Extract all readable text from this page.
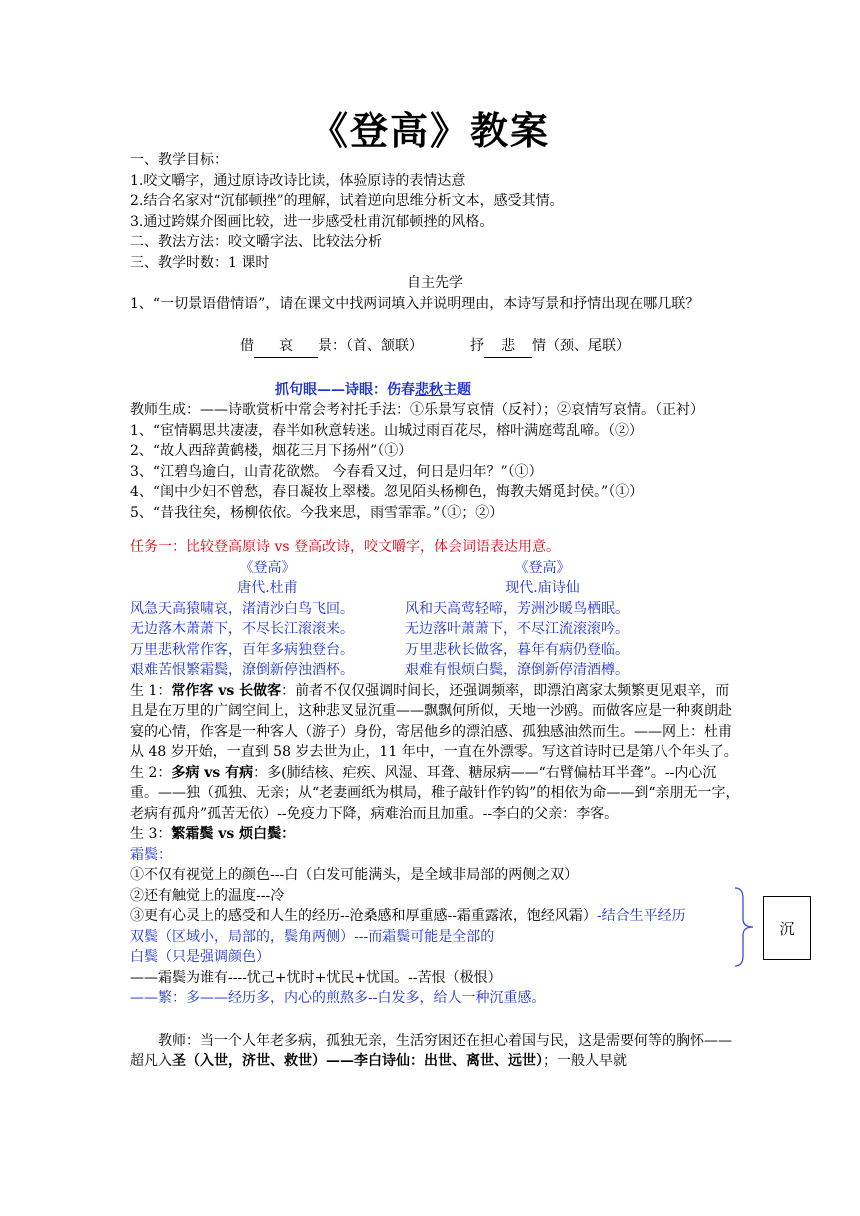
《登高》教案

一、教学目标：

1.咬文嚼字，通过原诗改诗比读，体验原诗的表情达意

2.结合名家对“沉郁顿挫”的理解，试着逆向思维分析文本，感受其情。

3.通过跨媒介图画比较，进一步感受杜甫沉郁顿挫的风格。

二、教法方法：咬文嚼字法、比较法分析

三、教学时数：1 课时

自主先学

1、“一切景语借情语”，请在课文中找两词填入并说明理由，本诗写景和抒情出现在哪几联？

借 哀 景：（首、颔联）	抒 悲 情（颈、尾联）

抓句眼——诗眼：伤春悲秋主题

教师生成：——诗歌赏析中常会考衬托手法：①乐景写哀情（反衬）；②哀情写哀情。（正衬）

1、“宦情羁思共凄凄，春半如秋意转迷。山城过雨百花尽，榕叶满庭莺乱啼。（②）

2、“故人西辞黄鹤楼，烟花三月下扬州”（①）

3、“江碧鸟逾白，山青花欲燃。 今春看又过，何日是归年？”（①）

4、“闺中少妇不曾愁，春日凝妆上翠楼。忽见陌头杨柳色，悔教夫婿觅封侯。”（①）

5、“昔我往矣，杨柳依依。今我来思，雨雪霏霏。”（①；②）

任务一：比较登高原诗 vs 登高改诗，咬文嚼字，体会词语表达用意。

《登高》

唐代.杜甫

风急天高猿啸哀，渚清沙白鸟飞回。

无边落木萧萧下，不尽长江滚滚来。

万里悲秋常作客，百年多病独登台。

艰难苦恨繁霜鬓，潦倒新停浊酒杯。

《登高》

现代.庙诗仙

风和天高莺轻啼，芳洲沙暖鸟栖眠。

无边落叶萧萧下，不尽江流滚滚吟。

万里悲秋长做客，暮年有病仍登临。

艰难有恨烦白鬓，潦倒新停清酒樽。

生 1：常作客 vs 长做客：前者不仅仅强调时间长，还强调频率，即漂泊离家太频繁更见艰辛，而且是在万里的广阔空间上，这种悲叉显沉重——飘飘何所似，天地一沙鸥。而做客应是一种爽朗赴宴的心情，作客是一种客人（游子）身份，寄居他乡的漂泊感、孤独感油然而生。——网上：杜甫从 48 岁开始，一直到 58 岁去世为止，11 年中，一直在外漂零。写这首诗时已是第八个年头了。

生 2：多病 vs 有病：多(肺结核、疟疾、风湿、耳聋、糖尿病——“右臂偏枯耳半聋”。--内心沉重。——独（孤独、无亲；从“老妻画纸为棋局，稚子敲针作钓钩”的相依为命——到“亲朋无一字，老病有孤舟”孤苦无依）--免疫力下降，病难治而且加重。--李白的父亲：李客。

生 3：繁霜鬓 vs 烦白鬓：

霜鬓：

①不仅有视觉上的颜色---白（白发可能满头，是全域非局部的两侧之双）

②还有触觉上的温度---冷

③更有心灵上的感受和人生的经历--沧桑感和厚重感--霜重露浓，饱经风霜）-结合生平经历

双鬓（区域小，局部的，鬓角两侧）---而霜鬓可能是全部的

白鬓（只是强调颜色）

——霜鬓为谁有----忧己+忧时+忧民+忧国。--苦恨（极恨）

——繁：多——经历多，内心的煎熬多--白发多，给人一种沉重感。

教师：当一个人年老多病，孤独无亲，生活穷困还在担心着国与民，这是需要何等的胸怀——超凡入圣（入世，济世、救世）——李白诗仙：出世、离世、远世）；一般人早就

沉
